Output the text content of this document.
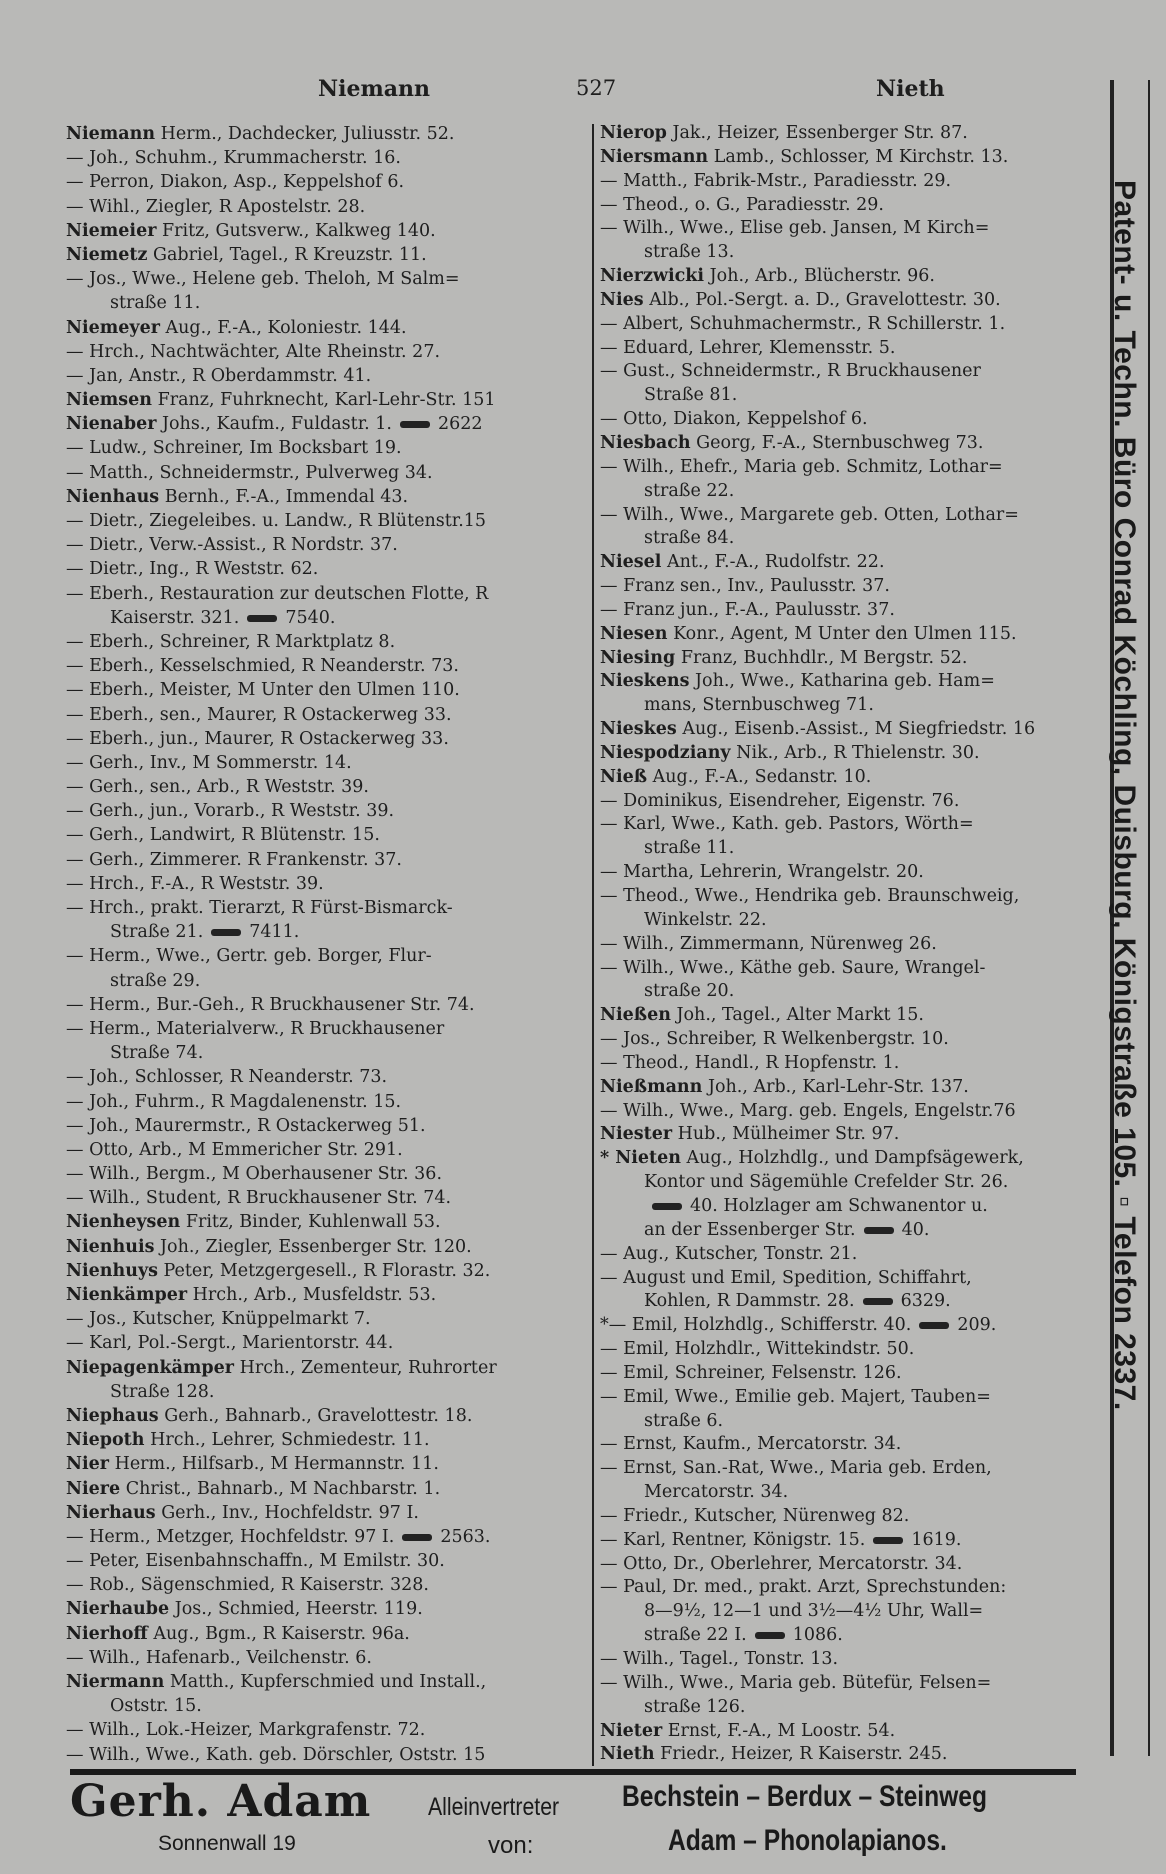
Niemann	527	Nieth
Niemann Herm., Dachdecker, Juliusstr. 52.
— Joh., Schuhm., Krummacherstr. 16.
— Perron, Diakon, Asp., Keppelshof 6.
— Wihl., Ziegler, R Apostelstr. 28.
Niemeier Fritz, Gutsverw., Kalkweg 140.
Niemetz Gabriel, Tagel., R Kreuzstr. 11.
— Jos., Wwe., Helene geb. Theloh, M Salm=
straße 11.
Niemeyer Aug., F.-A., Koloniestr. 144.
— Hrch., Nachtwächter, Alte Rheinstr. 27.
— Jan, Anstr., R Oberdammstr. 41.
Niemsen Franz, Fuhrknecht, Karl-Lehr-Str. 151
Nienaber Johs., Kaufm., Fuldastr. 1.	2622
— Ludw., Schreiner, Im Bocksbart 19.
— Matth., Schneidermstr., Pulverweg 34.
Nienhaus Bernh., F.-A., Immendal 43.
— Dietr., Ziegeleibes. u. Landw., R Blütenstr.15
— Dietr., Verw.-Assist., R Nordstr. 37.
— Dietr., Ing., R Weststr. 62.
— Eberh., Restauration zur deutschen Flotte, R
Kaiserstr. 321.	7540.
— Eberh., Schreiner, R Marktplatz 8.
— Eberh., Kesselschmied, R Neanderstr. 73.
— Eberh., Meister, M Unter den Ulmen 110.
— Eberh., sen., Maurer, R Ostackerweg 33.
— Eberh., jun., Maurer, R Ostackerweg 33.
— Gerh., Inv., M Sommerstr. 14.
— Gerh., sen., Arb., R Weststr. 39.
— Gerh., jun., Vorarb., R Weststr. 39.
— Gerh., Landwirt, R Blütenstr. 15.
— Gerh., Zimmerer. R Frankenstr. 37.
— Hrch., F.-A., R Weststr. 39.
— Hrch., prakt. Tierarzt, R Fürst-Bismarck-
Straße 21.	7411.
— Herm., Wwe., Gertr. geb. Borger, Flur-
straße 29.
— Herm., Bur.-Geh., R Bruckhausener Str. 74.
— Herm., Materialverw., R Bruckhausener
Straße 74.
— Joh., Schlosser, R Neanderstr. 73.
— Joh., Fuhrm., R Magdalenenstr. 15.
— Joh., Maurermstr., R Ostackerweg 51.
— Otto, Arb., M Emmericher Str. 291.
— Wilh., Bergm., M Oberhausener Str. 36.
— Wilh., Student, R Bruckhausener Str. 74.
Nienheysen Fritz, Binder, Kuhlenwall 53.
Nienhuis Joh., Ziegler, Essenberger Str. 120.
Nienhuys Peter, Metzgergesell., R Florastr. 32.
Nienkämper Hrch., Arb., Musfeldstr. 53.
— Jos., Kutscher, Knüppelmarkt 7.
— Karl, Pol.-Sergt., Marientorstr. 44.
Niepagenkämper Hrch., Zementeur, Ruhrorter
Straße 128.
Niephaus Gerh., Bahnarb., Gravelottestr. 18.
Niepoth Hrch., Lehrer, Schmiedestr. 11.
Nier Herm., Hilfsarb., M Hermannstr. 11.
Niere Christ., Bahnarb., M Nachbarstr. 1.
Nierhaus Gerh., Inv., Hochfeldstr. 97 I.
— Herm., Metzger, Hochfeldstr. 97 I.	2563.
— Peter, Eisenbahnschaffn., M Emilstr. 30.
— Rob., Sägenschmied, R Kaiserstr. 328.
Nierhaube Jos., Schmied, Heerstr. 119.
Nierhoff Aug., Bgm., R Kaiserstr. 96a.
— Wilh., Hafenarb., Veilchenstr. 6.
Niermann Matth., Kupferschmied und Install.,
Oststr. 15.
— Wilh., Lok.-Heizer, Markgrafenstr. 72.
— Wilh., Wwe., Kath. geb. Dörschler, Oststr. 15
Nierop Jak., Heizer, Essenberger Str. 87.
Niersmann Lamb., Schlosser, M Kirchstr. 13.
— Matth., Fabrik-Mstr., Paradiesstr. 29.
— Theod., o. G., Paradiesstr. 29.
— Wilh., Wwe., Elise geb. Jansen, M Kirch=
straße 13.
Nierzwicki Joh., Arb., Blücherstr. 96.
Nies Alb., Pol.-Sergt. a. D., Gravelottestr. 30.
— Albert, Schuhmachermstr., R Schillerstr. 1.
— Eduard, Lehrer, Klemensstr. 5.
— Gust., Schneidermstr., R Bruckhausener
Straße 81.
— Otto, Diakon, Keppelshof 6.
Niesbach Georg, F.-A., Sternbuschweg 73.
— Wilh., Ehefr., Maria geb. Schmitz, Lothar=
straße 22.
— Wilh., Wwe., Margarete geb. Otten, Lothar=
straße 84.
Niesel Ant., F.-A., Rudolfstr. 22.
— Franz sen., Inv., Paulusstr. 37.
— Franz jun., F.-A., Paulusstr. 37.
Niesen Konr., Agent, M Unter den Ulmen 115.
Niesing Franz, Buchhdlr., M Bergstr. 52.
Nieskens Joh., Wwe., Katharina geb. Ham=
mans, Sternbuschweg 71.
Nieskes Aug., Eisenb.-Assist., M Siegfriedstr. 16
Niespodziany Nik., Arb., R Thielenstr. 30.
Nieß Aug., F.-A., Sedanstr. 10.
— Dominikus, Eisendreher, Eigenstr. 76.
— Karl, Wwe., Kath. geb. Pastors, Wörth=
straße 11.
— Martha, Lehrerin, Wrangelstr. 20.
— Theod., Wwe., Hendrika geb. Braunschweig,
Winkelstr. 22.
— Wilh., Zimmermann, Nürenweg 26.
— Wilh., Wwe., Käthe geb. Saure, Wrangel-
straße 20.
Nießen Joh., Tagel., Alter Markt 15.
— Jos., Schreiber, R Welkenbergstr. 10.
— Theod., Handl., R Hopfenstr. 1.
Nießmann Joh., Arb., Karl-Lehr-Str. 137.
— Wilh., Wwe., Marg. geb. Engels, Engelstr.76
Niester Hub., Mülheimer Str. 97.
* Nieten Aug., Holzhdlg., und Dampfsägewerk,
Kontor und Sägemühle Crefelder Str. 26.
40. Holzlager am Schwanentor u.
an der Essenberger Str.	40.
— Aug., Kutscher, Tonstr. 21.
— August und Emil, Spedition, Schiffahrt,
Kohlen, R Dammstr. 28.	6329.
*— Emil, Holzhdlg., Schifferstr. 40.	209.
— Emil, Holzhdlr., Wittekindstr. 50.
— Emil, Schreiner, Felsenstr. 126.
— Emil, Wwe., Emilie geb. Majert, Tauben=
straße 6.
— Ernst, Kaufm., Mercatorstr. 34.
— Ernst, San.-Rat, Wwe., Maria geb. Erden,
Mercatorstr. 34.
— Friedr., Kutscher, Nürenweg 82.
— Karl, Rentner, Königstr. 15.	1619.
— Otto, Dr., Oberlehrer, Mercatorstr. 34.
— Paul, Dr. med., prakt. Arzt, Sprechstunden:
8—9½, 12—1 und 3½—4½ Uhr, Wall=
straße 22 I.	1086.
— Wilh., Tagel., Tonstr. 13.
— Wilh., Wwe., Maria geb. Bütefür, Felsen=
straße 126.
Nieter Ernst, F.-A., M Loostr. 54.
Nieth Friedr., Heizer, R Kaiserstr. 245.
Patent- u. Techn. Büro Conrad Köchling, Duisburg, Königstraße 105. ▫ Telefon 2337.
Gerh. Adam
Sonnenwall 19
Alleinvertreter
von:
Bechstein – Berdux – Steinweg
Adam – Phonolapianos.
